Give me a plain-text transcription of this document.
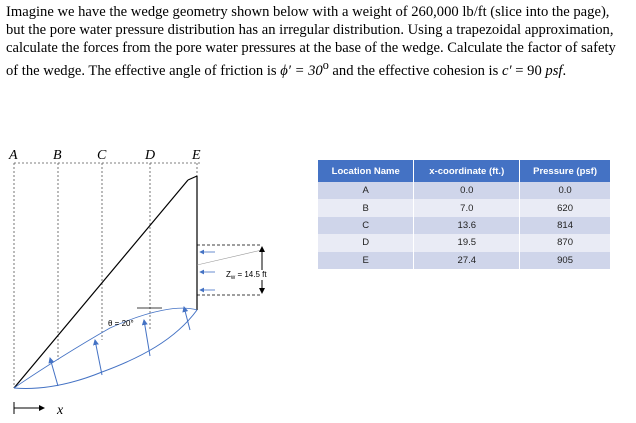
Imagine we have the wedge geometry shown below with a weight of 260,000 lb/ft (slice into the page), but the pore water pressure distribution has an irregular distribution. Using a trapezoidal approximation, calculate the forces from the pore water pressures at the base of the wedge. Calculate the factor of safety of the wedge. The effective angle of friction is $\phi' = 30^o$ and the effective cohesion is c′ = 90 psf.
A	B	C	D	E
$Z_w = 14.5$ ft
θ = 20°
x
Location Name	x-coordinate (ft.)	Pressure (psf)
A	0.0	0.0
B	7.0	620
C	13.6	814
D	19.5	870
E	27.4	905
